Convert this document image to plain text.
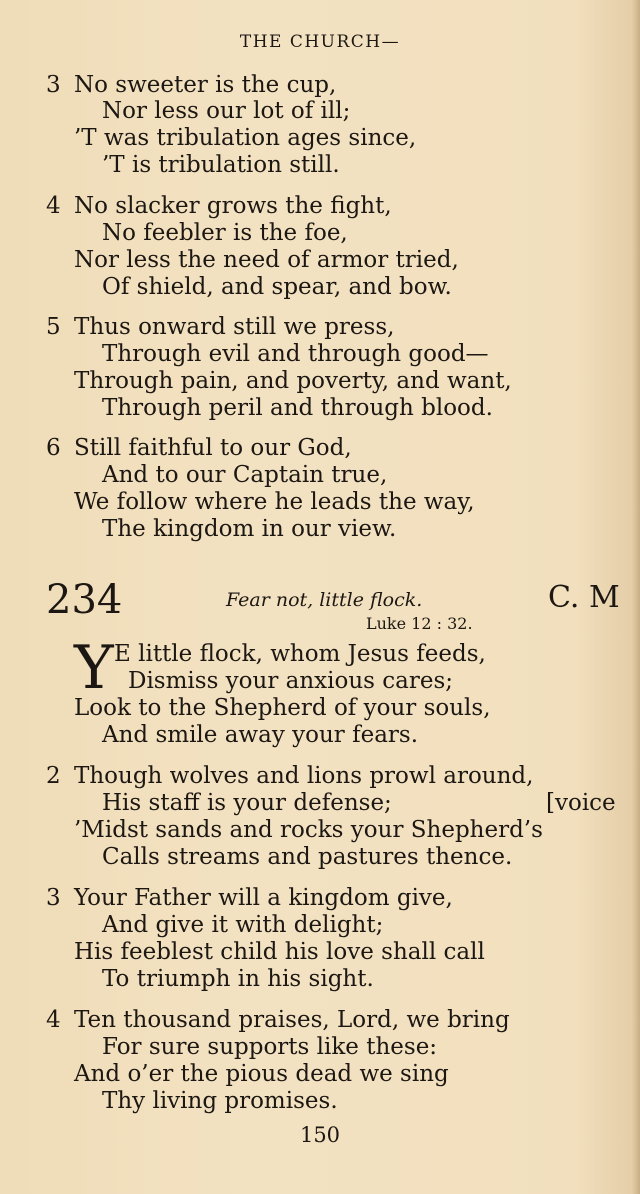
THE CHURCH—
3 No sweeter is the cup,
Nor less our lot of ill;
’T was tribulation ages since,
’T is tribulation still.
4 No slacker grows the fight,
No feebler is the foe,
Nor less the need of armor tried,
Of shield, and spear, and bow.
5 Thus onward still we press,
Through evil and through good—
Through pain, and poverty, and want,
Through peril and through blood.
6 Still faithful to our God,
And to our Captain true,
We follow where he leads the way,
The kingdom in our view.
234	Fear not, little flock.	C. M
Luke 12 : 32.
Y E little flock, whom Jesus feeds,
Dismiss your anxious cares;
Look to the Shepherd of your souls,
And smile away your fears.
2 Though wolves and lions prowl around,
His staff is your defense;	[voice
’Midst sands and rocks your Shepherd’s
Calls streams and pastures thence.
3 Your Father will a kingdom give,
And give it with delight;
His feeblest child his love shall call
To triumph in his sight.
4 Ten thousand praises, Lord, we bring
For sure supports like these:
And o’er the pious dead we sing
Thy living promises.
150
